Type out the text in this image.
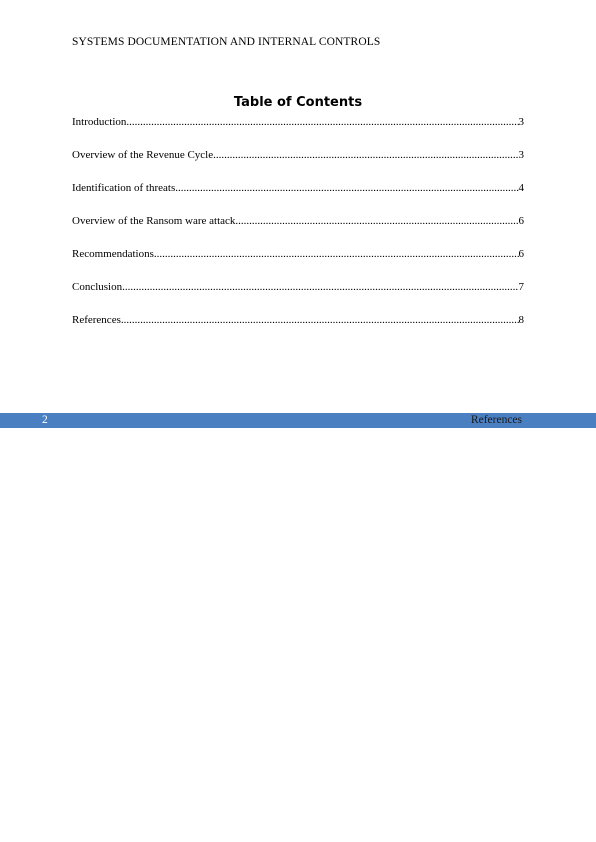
SYSTEMS DOCUMENTATION AND INTERNAL CONTROLS
Table of Contents
Introduction .....	3
Overview of the Revenue Cycle .....	3
Identification of threats .....	4
Overview of the Ransom ware attack .....	6
Recommendations .....	6
Conclusion .....	7
References .....	8
2	References
